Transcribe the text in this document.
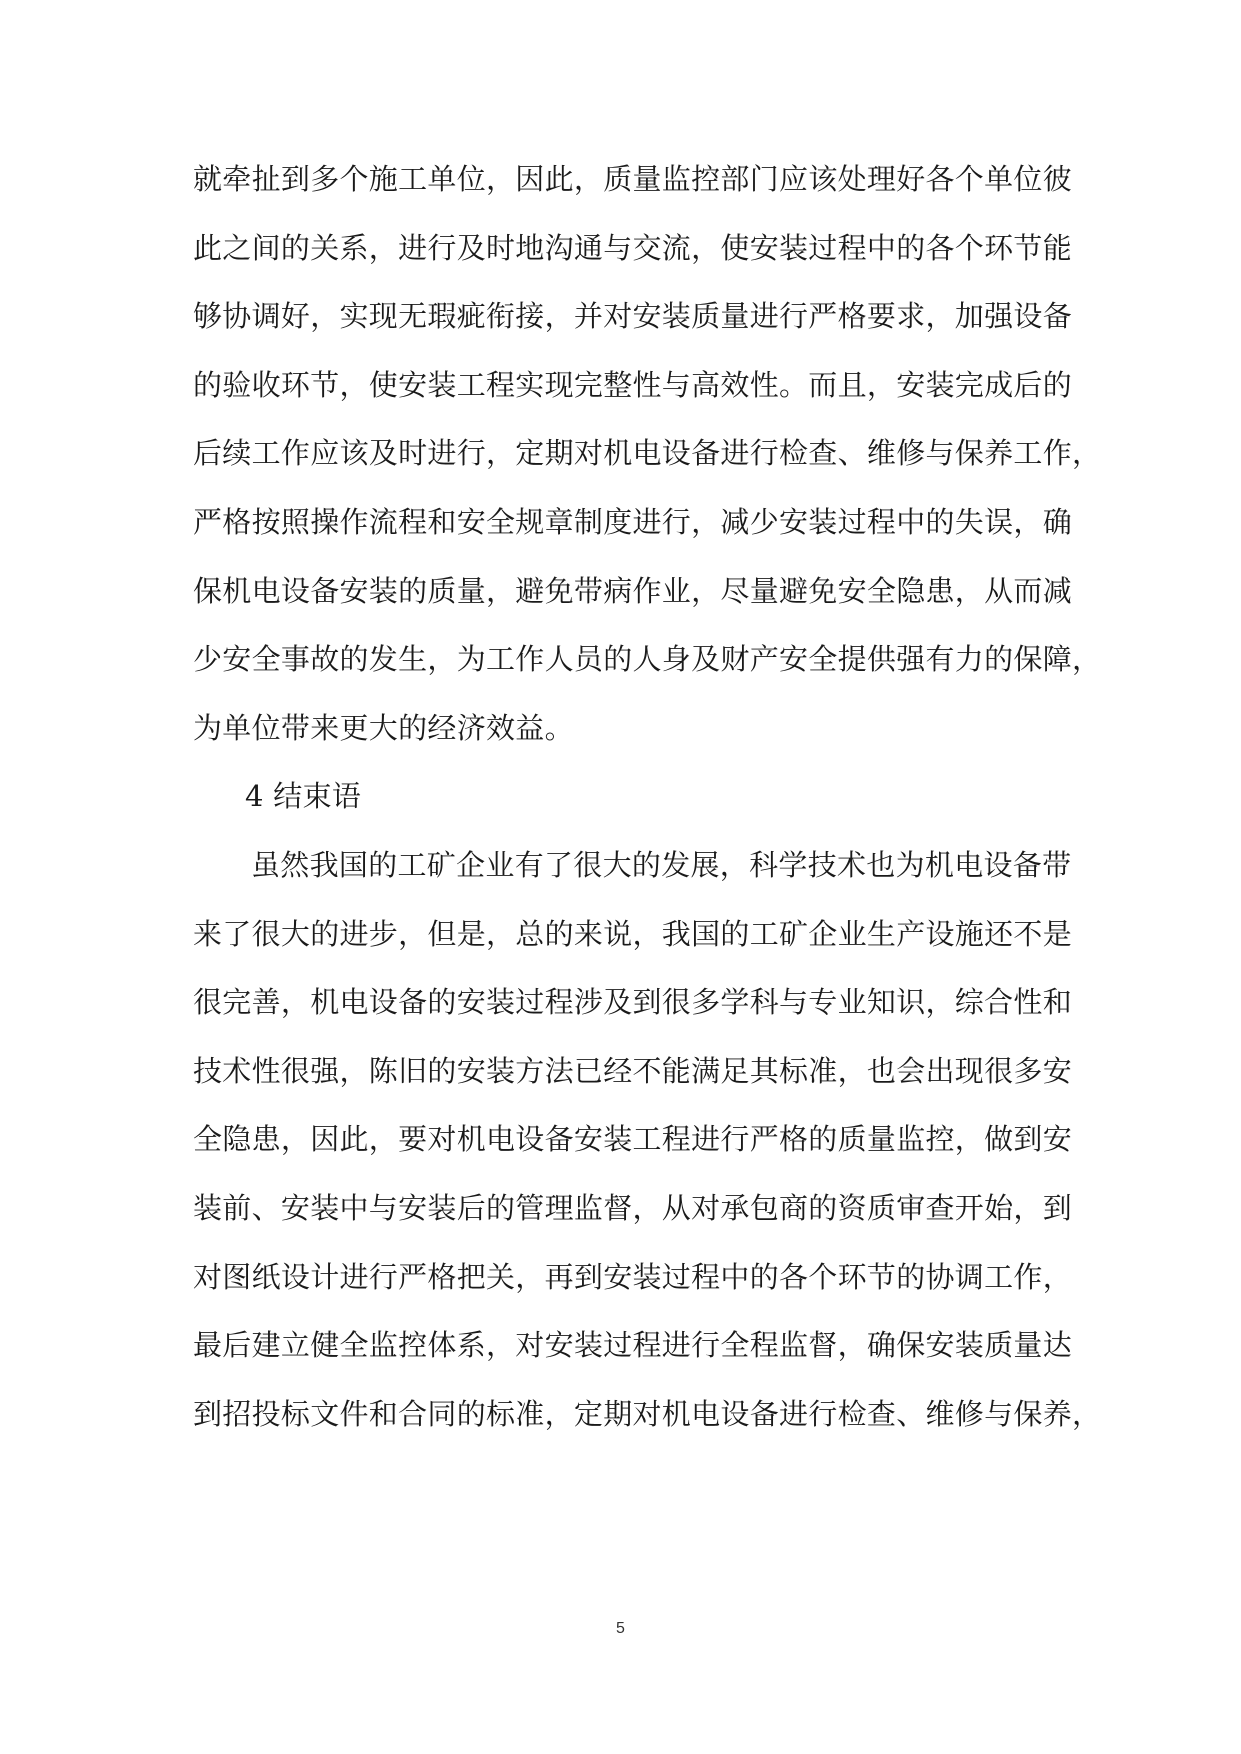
就牵扯到多个施工单位，因此，质量监控部门应该处理好各个单位彼
此之间的关系，进行及时地沟通与交流，使安装过程中的各个环节能
够协调好，实现无瑕疵衔接，并对安装质量进行严格要求，加强设备
的验收环节，使安装工程实现完整性与高效性。而且，安装完成后的
后续工作应该及时进行，定期对机电设备进行检查、维修与保养工作，
严格按照操作流程和安全规章制度进行，减少安装过程中的失误，确
保机电设备安装的质量，避免带病作业，尽量避免安全隐患，从而减
少安全事故的发生，为工作人员的人身及财产安全提供强有力的保障，
为单位带来更大的经济效益。
4 结束语
虽然我国的工矿企业有了很大的发展，科学技术也为机电设备带
来了很大的进步，但是，总的来说，我国的工矿企业生产设施还不是
很完善，机电设备的安装过程涉及到很多学科与专业知识，综合性和
技术性很强，陈旧的安装方法已经不能满足其标准，也会出现很多安
全隐患，因此，要对机电设备安装工程进行严格的质量监控，做到安
装前、安装中与安装后的管理监督，从对承包商的资质审查开始，到
对图纸设计进行严格把关，再到安装过程中的各个环节的协调工作，
最后建立健全监控体系，对安装过程进行全程监督，确保安装质量达
到招投标文件和合同的标准，定期对机电设备进行检查、维修与保养，
5
